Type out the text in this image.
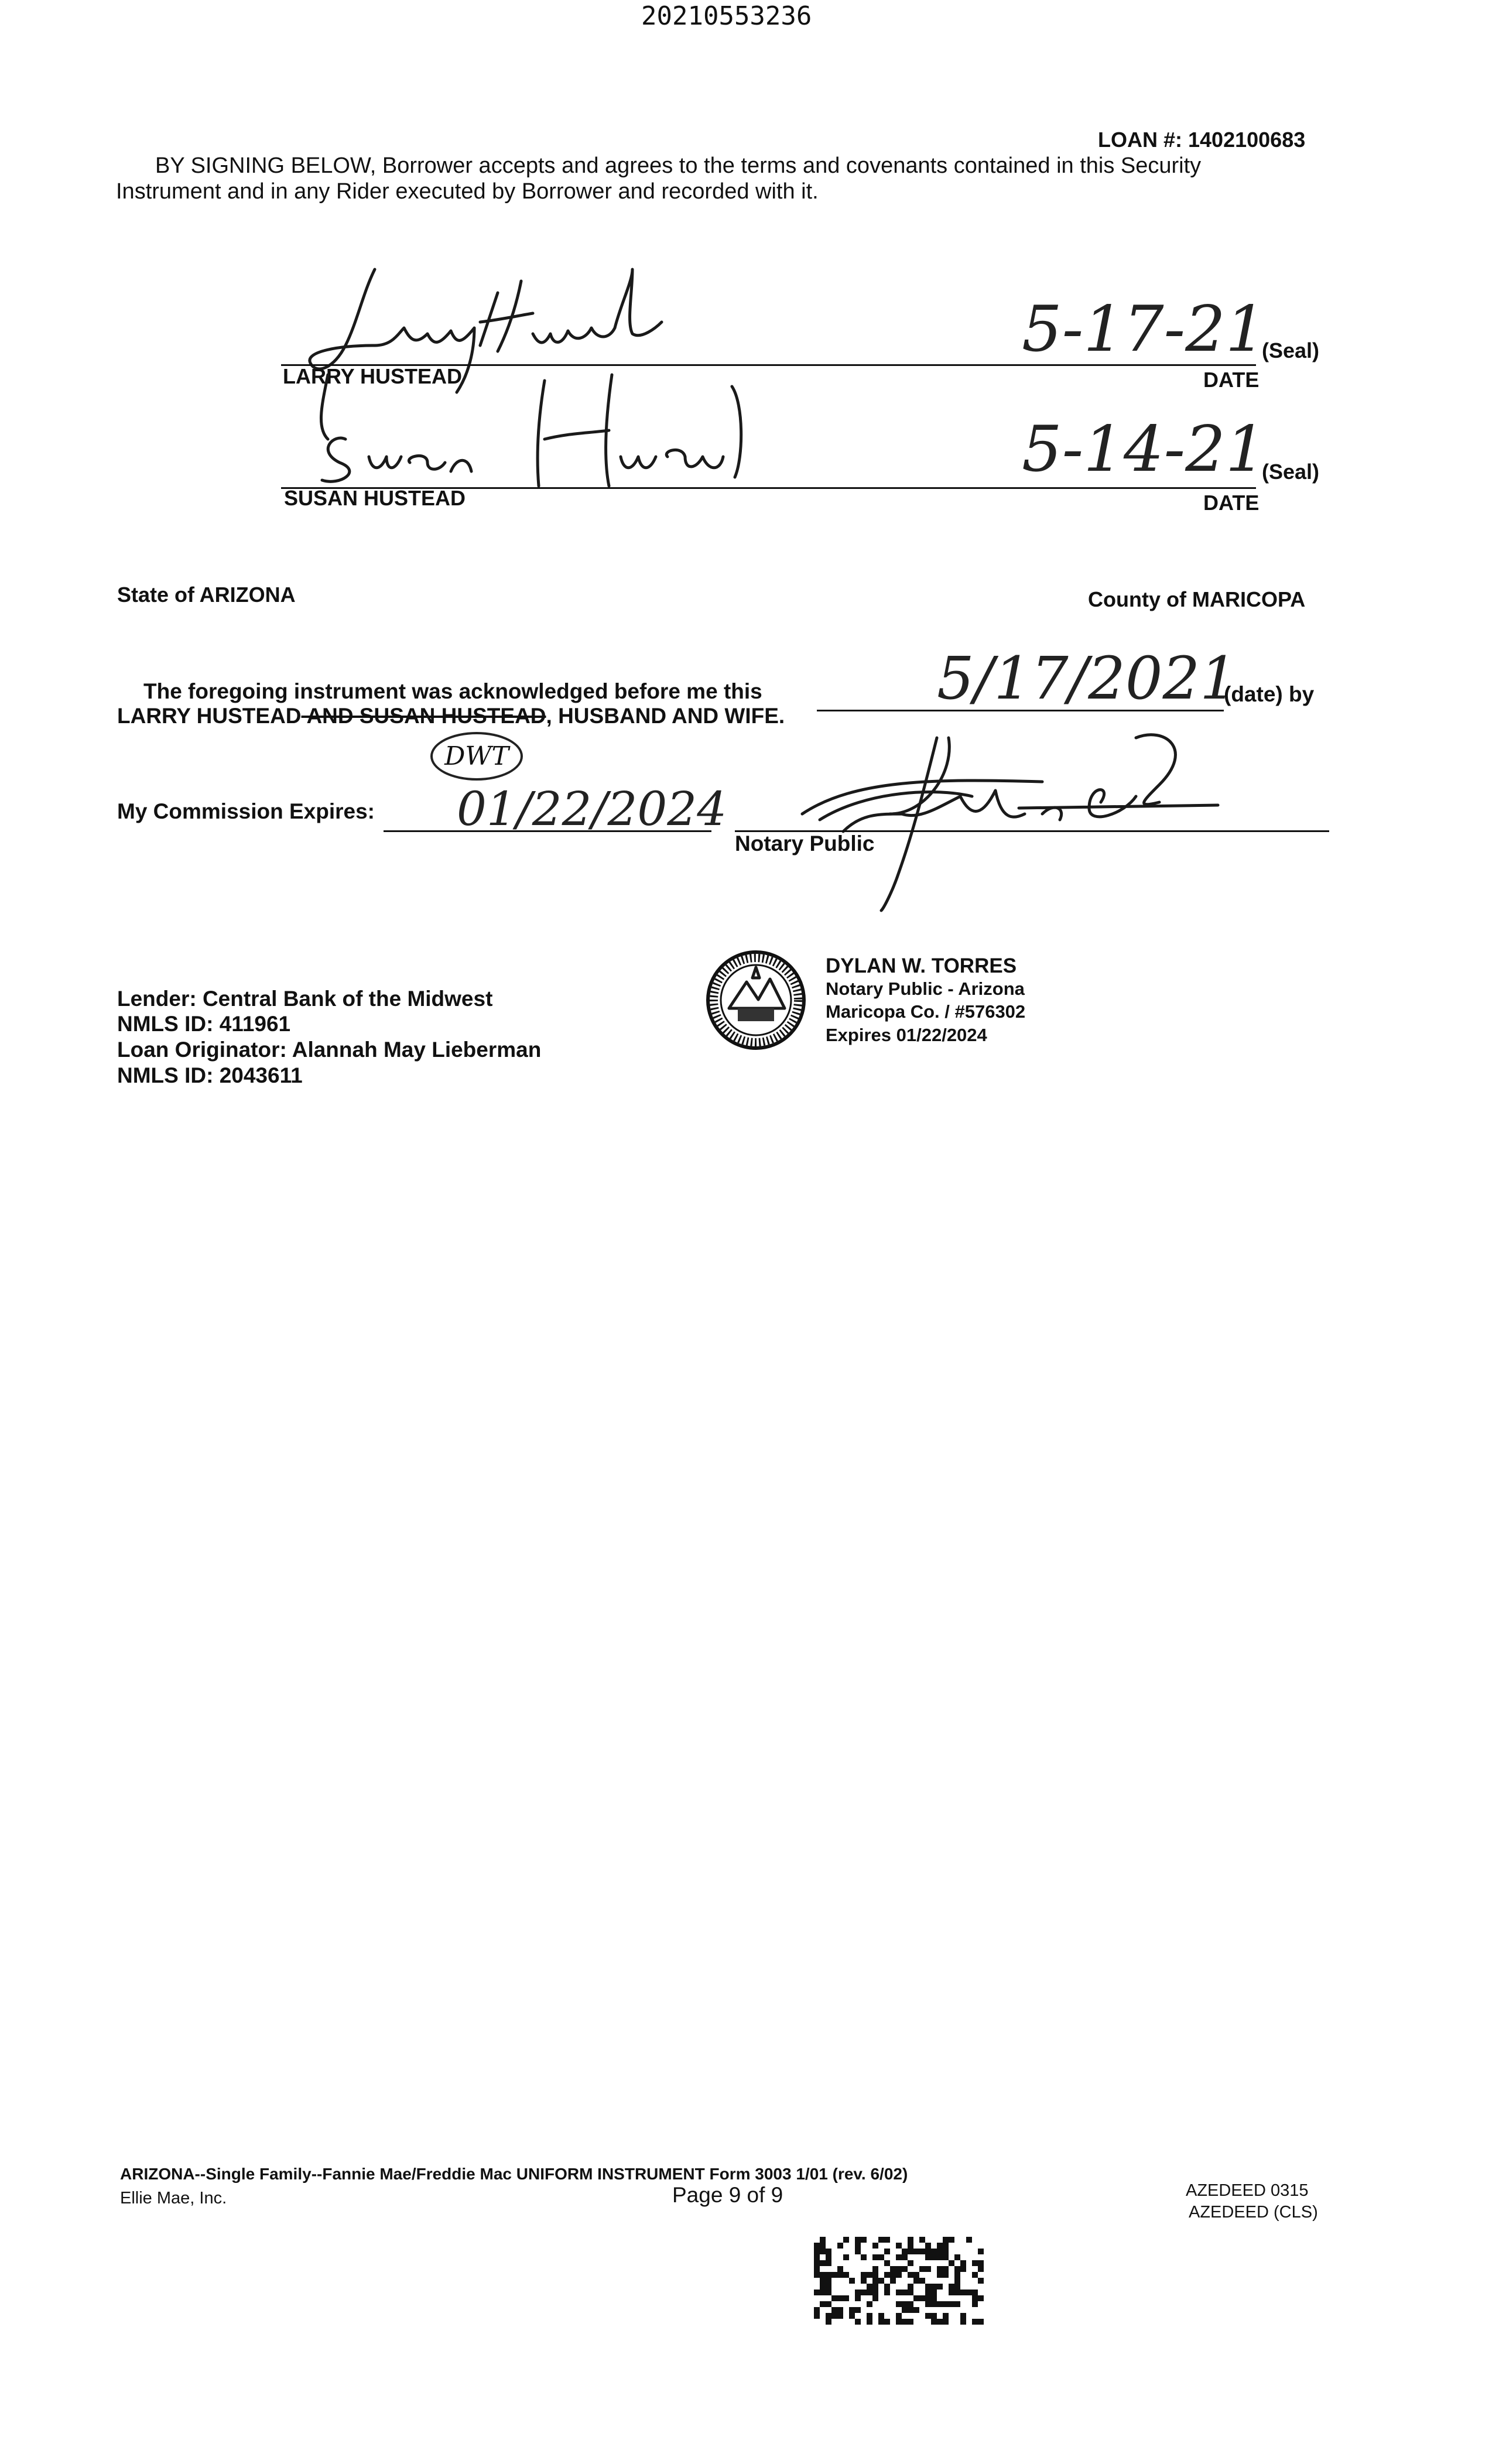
20210553236
LOAN #: 1402100683
BY SIGNING BELOW, Borrower accepts and agrees to the terms and covenants contained in this Security
Instrument and in any Rider executed by Borrower and recorded with it.
LARRY HUSTEAD
5-17-21
(Seal)
DATE
SUSAN HUSTEAD
5-14-21
(Seal)
DATE
State of ARIZONA	County of MARICOPA
The foregoing instrument was acknowledged before me this	5/17/2021
(date) by
LARRY HUSTEAD AND SUSAN HUSTEAD, HUSBAND AND WIFE.
DWT
My Commission Expires: 01/22/2024
Notary Public
DYLAN W. TORRES
Notary Public - Arizona
Maricopa Co. / #576302
Expires 01/22/2024
Lender: Central Bank of the Midwest
NMLS ID: 411961
Loan Originator: Alannah May Lieberman
NMLS ID: 2043611
ARIZONA--Single Family--Fannie Mae/Freddie Mac UNIFORM INSTRUMENT Form 3003 1/01 (rev. 6/02)
Ellie Mae, Inc.	Page 9 of 9	AZEDEED 0315
AZEDEED (CLS)
